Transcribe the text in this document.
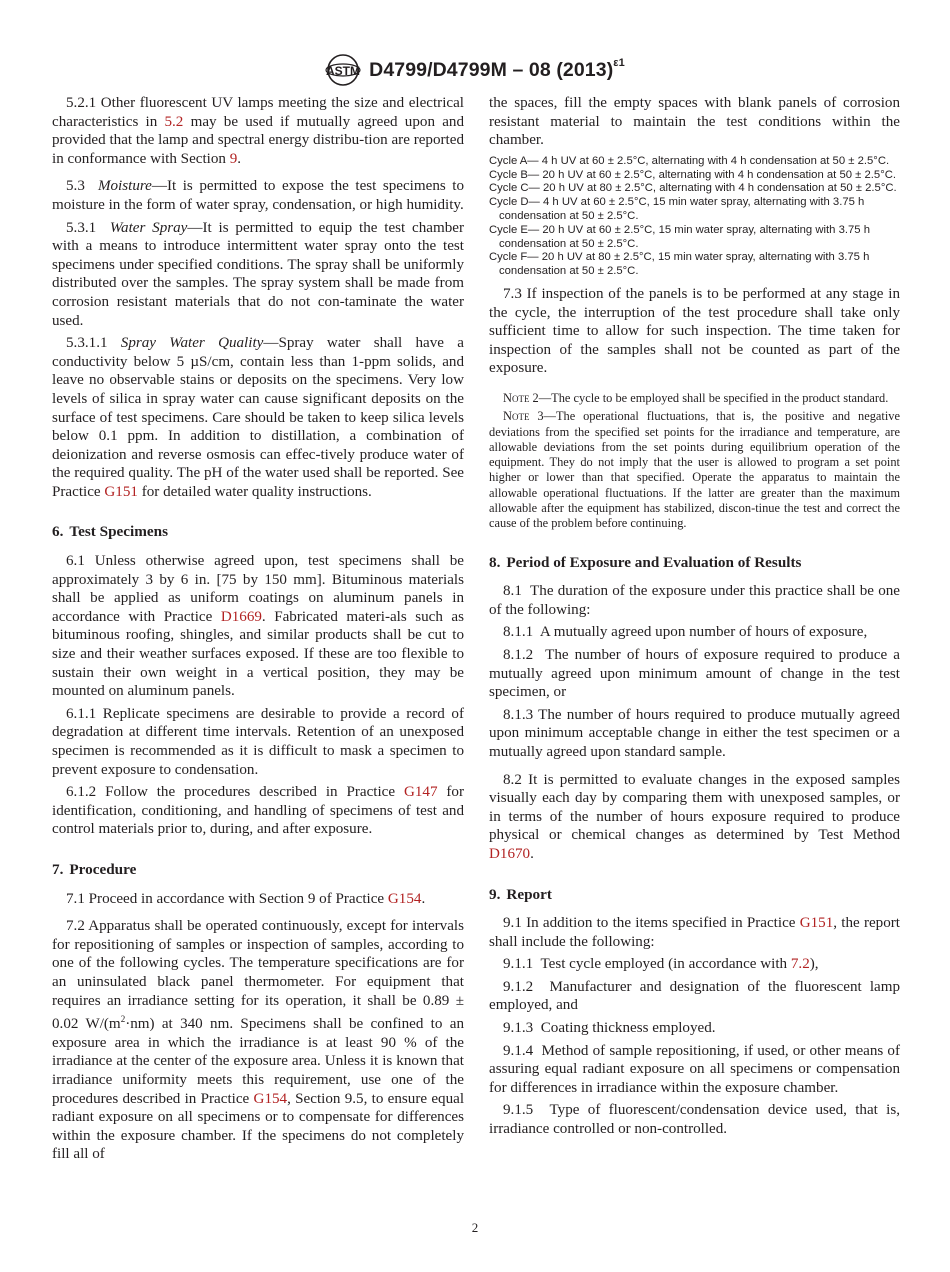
ASTM D4799/D4799M – 08 $(2013)^{\varepsilon 1}$

5.2.1 Other fluorescent UV lamps meeting the size and electrical characteristics in 5.2 may be used if mutually agreed upon and provided that the lamp and spectral energy distribu-tion are reported in conformance with Section 9.

5.3 Moisture—It is permitted to expose the test specimens to moisture in the form of water spray, condensation, or high humidity.

5.3.1 Water Spray—It is permitted to equip the test chamber with a means to introduce intermittent water spray onto the test specimens under specified conditions. The spray shall be uniformly distributed over the samples. The spray system shall be made from corrosion resistant materials that do not con-taminate the water used.

5.3.1.1 Spray Water Quality—Spray water shall have a conductivity below 5 µS/cm, contain less than 1-ppm solids, and leave no observable stains or deposits on the specimens. Very low levels of silica in spray water can cause significant deposits on the surface of test specimens. Care should be taken to keep silica levels below 0.1 ppm. In addition to distillation, a combination of deionization and reverse osmosis can effec-tively produce water of the required quality. The pH of the water used shall be reported. See Practice G151 for detailed water quality instructions.

6. Test Specimens

6.1 Unless otherwise agreed upon, test specimens shall be approximately 3 by 6 in. [75 by 150 mm]. Bituminous materials shall be applied as uniform coatings on aluminum panels in accordance with Practice D1669. Fabricated materi-als such as bituminous roofing, shingles, and similar products shall be cut to size and their weather surfaces exposed. If these are too flexible to sustain their own weight in a vertical position, they may be mounted on aluminum panels.

6.1.1 Replicate specimens are desirable to provide a record of degradation at different time intervals. Retention of an unexposed specimen is recommended as it is difficult to mask a specimen to prevent exposure to condensation.

6.1.2 Follow the procedures described in Practice G147 for identification, conditioning, and handling of specimens of test and control materials prior to, during, and after exposure.

7. Procedure

7.1 Proceed in accordance with Section 9 of Practice G154.

7.2 Apparatus shall be operated continuously, except for intervals for repositioning of samples or inspection of samples, according to one of the following cycles. The temperature specifications are for an uninsulated black panel thermometer. For equipment that requires an irradiance setting for its operation, it shall be 0.89 ± 0.02 $W/(m^2\cdot nm)$ at 340 nm. Specimens shall be confined to an exposure area in which the irradiance is at least 90 % of the irradiance at the center of the exposure area. Unless it is known that irradiance uniformity meets this requirement, use one of the procedures described in Practice G154, Section 9.5, to ensure equal radiant exposure on all specimens or to compensate for differences within the exposure chamber. If the specimens do not completely fill all of

the spaces, fill the empty spaces with blank panels of corrosion resistant material to maintain the test conditions within the chamber.

Cycle A— 4 h UV at 60 ± 2.5°C, alternating with 4 h condensation at 50 ± 2.5°C.
Cycle B— 20 h UV at 60 ± 2.5°C, alternating with 4 h condensation at 50 ± 2.5°C.
Cycle C— 20 h UV at 80 ± 2.5°C, alternating with 4 h condensation at 50 ± 2.5°C.
Cycle D— 4 h UV at 60 ± 2.5°C, 15 min water spray, alternating with 3.75 h condensation at 50 ± 2.5°C.
Cycle E— 20 h UV at 60 ± 2.5°C, 15 min water spray, alternating with 3.75 h condensation at 50 ± 2.5°C.
Cycle F— 20 h UV at 80 ± 2.5°C, 15 min water spray, alternating with 3.75 h condensation at 50 ± 2.5°C.

7.3 If inspection of the panels is to be performed at any stage in the cycle, the interruption of the test procedure shall take only sufficient time to allow for such inspection. The time taken for inspection of the samples shall not be counted as part of the exposure.

Note 2—The cycle to be employed shall be specified in the product standard.

Note 3—The operational fluctuations, that is, the positive and negative deviations from the specified set points for the irradiance and temperature, are allowable deviations from the set points during equilibrium operation of the equipment. They do not imply that the user is allowed to program a set point higher or lower than that specified. Operate the apparatus to maintain the allowable operational fluctuations. If the latter are greater than the maximum allowable after the equipment has stabilized, discon-tinue the test and correct the cause of the problem before continuing.

8. Period of Exposure and Evaluation of Results

8.1 The duration of the exposure under this practice shall be one of the following:

8.1.1 A mutually agreed upon number of hours of exposure,

8.1.2 The number of hours of exposure required to produce a mutually agreed upon minimum amount of change in the test specimen, or

8.1.3 The number of hours required to produce mutually agreed upon minimum acceptable change in either the test specimen or a mutually agreed upon standard sample.

8.2 It is permitted to evaluate changes in the exposed samples visually each day by comparing them with unexposed samples, or in terms of the number of hours exposure required to produce physical or chemical changes as determined by Test Method D1670.

9. Report

9.1 In addition to the items specified in Practice G151, the report shall include the following:

9.1.1 Test cycle employed (in accordance with 7.2),

9.1.2 Manufacturer and designation of the fluorescent lamp employed, and

9.1.3 Coating thickness employed.

9.1.4 Method of sample repositioning, if used, or other means of assuring equal radiant exposure on all specimens or compensation for differences in irradiance within the exposure chamber.

9.1.5 Type of fluorescent/condensation device used, that is, irradiance controlled or non-controlled.

2
